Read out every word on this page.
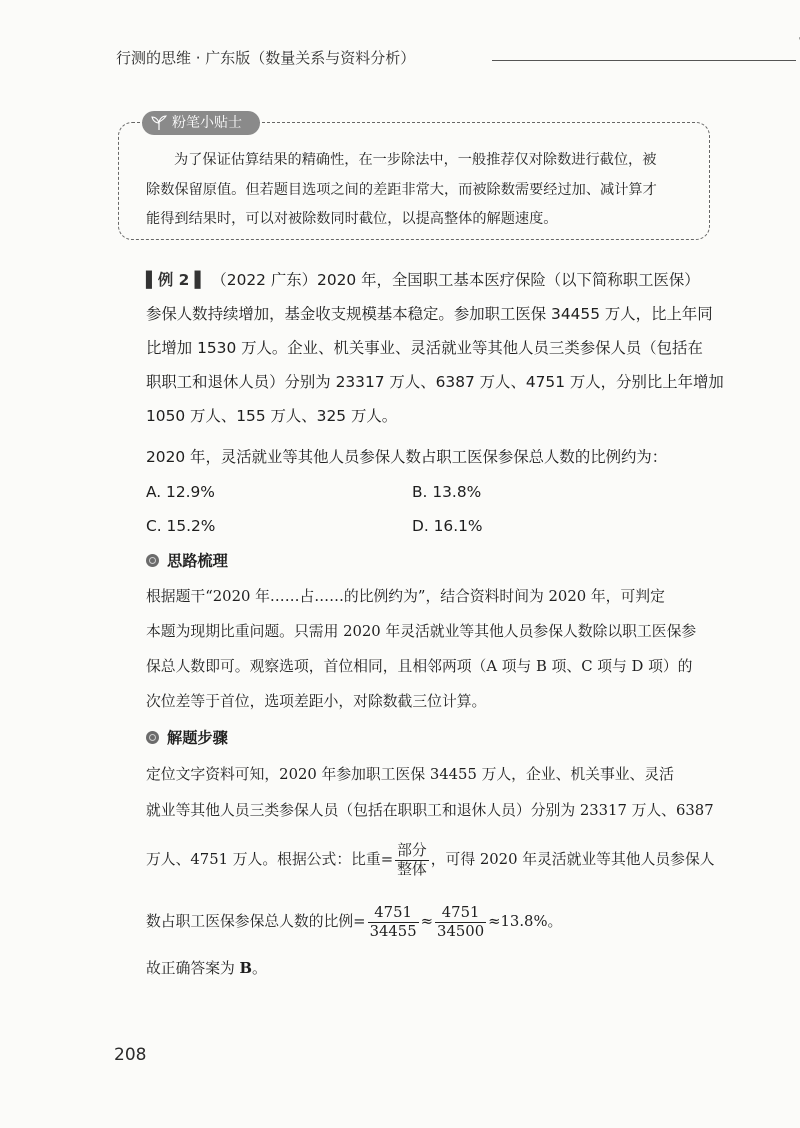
行测的思维 · 广东版（数量关系与资料分析）
粉笔小贴士
为了保证估算结果的精确性，在一步除法中，一般推荐仅对除数进行截位，被
除数保留原值。但若题目选项之间的差距非常大，而被除数需要经过加、减计算才
能得到结果时，可以对被除数同时截位，以提高整体的解题速度。
▌例 2 ▌ （2022 广东）2020 年，全国职工基本医疗保险（以下简称职工医保）
参保人数持续增加，基金收支规模基本稳定。参加职工医保 34455 万人，比上年同
比增加 1530 万人。企业、机关事业、灵活就业等其他人员三类参保人员（包括在
职职工和退休人员）分别为 23317 万人、6387 万人、4751 万人，分别比上年增加
1050 万人、155 万人、325 万人。
2020 年，灵活就业等其他人员参保人数占职工医保参保总人数的比例约为：
A. 12.9%	B. 13.8%
C. 15.2%	D. 16.1%
思路梳理
根据题干“2020 年……占……的比例约为”，结合资料时间为 2020 年，可判定
本题为现期比重问题。只需用 2020 年灵活就业等其他人员参保人数除以职工医保参
保总人数即可。观察选项，首位相同，且相邻两项（A 项与 B 项、C 项与 D 项）的
次位差等于首位，选项差距小，对除数截三位计算。
解题步骤
定位文字资料可知，2020 年参加职工医保 34455 万人，企业、机关事业、灵活
就业等其他人员三类参保人员（包括在职职工和退休人员）分别为 23317 万人、6387
万人、4751 万人。根据公式：比重= $\frac{\text{部分}}{\text{整体}}$ ，可得 2020 年灵活就业等其他人员参保人
数占职工医保参保总人数的比例= $\frac{4751}{34455} \approx \frac{4751}{34500} \approx 13.8\%$。
故正确答案为 B。
208
